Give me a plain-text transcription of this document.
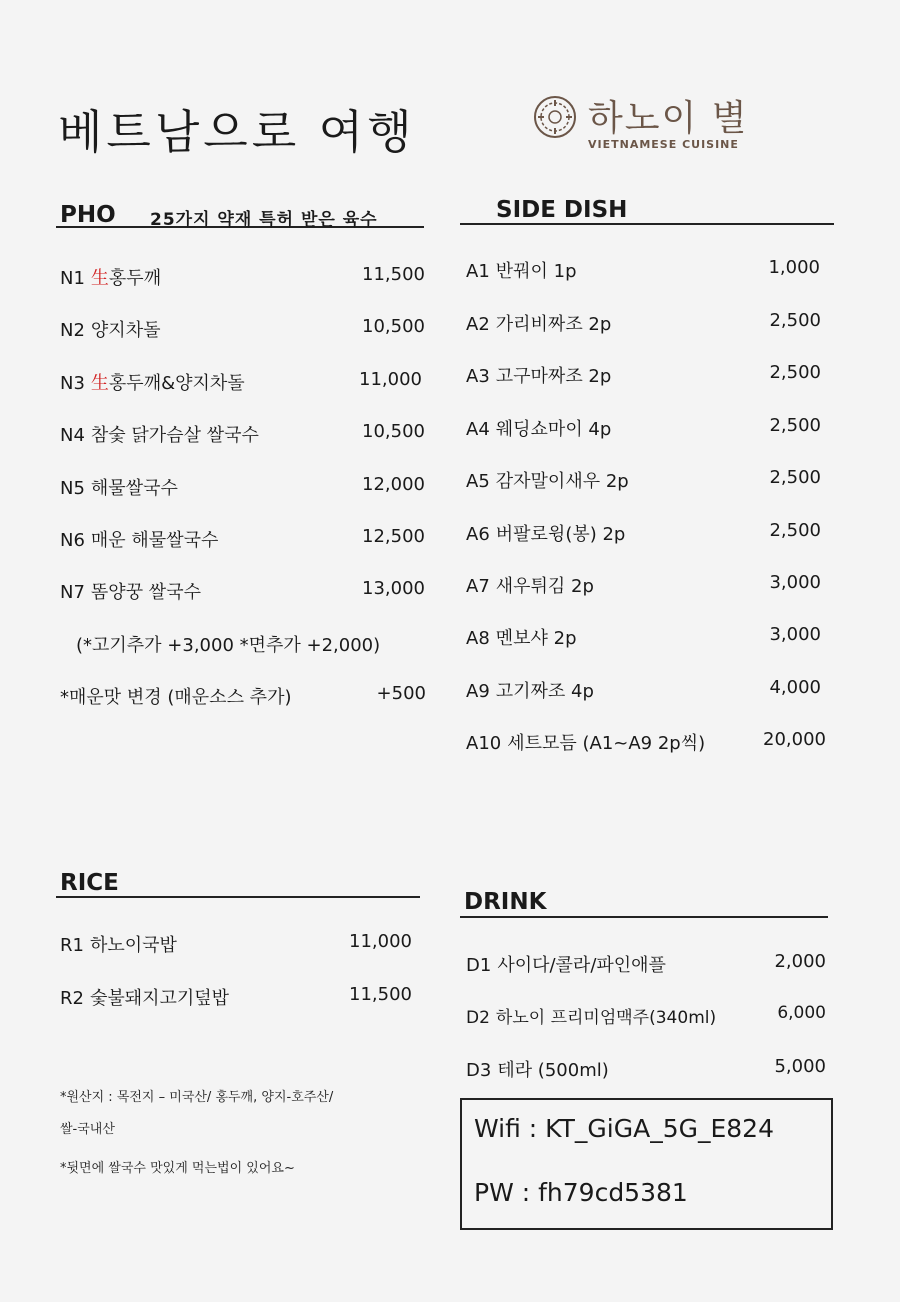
베트남으로 여행	하노이 별
VIETNAMESE CUISINE
PHO 25가지 약재 특허 받은 육수
N1 生홍두깨	11,500
N2 양지차돌	10,500
N3 生홍두깨&양지차돌	11,000
N4 참숯 닭가슴살 쌀국수	10,500
N5 해물쌀국수	12,000
N6 매운 해물쌀국수	12,500
N7 똠양꿍 쌀국수	13,000
(*고기추가 +3,000 *면추가 +2,000)
*매운맛 변경 (매운소스 추가)	+500
SIDE DISH
A1 반꿔이 1p	1,000
A2 가리비짜조 2p	2,500
A3 고구마짜조 2p	2,500
A4 웨딩쇼마이 4p	2,500
A5 감자말이새우 2p	2,500
A6 버팔로윙(봉) 2p	2,500
A7 새우튀김 2p	3,000
A8 멘보샤 2p	3,000
A9 고기짜조 4p	4,000
A10 세트모듬 (A1~A9 2p씩)	20,000
RICE
R1 하노이국밥	11,000
R2 숯불돼지고기덮밥	11,500
DRINK
D1 사이다/콜라/파인애플	2,000
D2 하노이 프리미엄맥주(340ml)	6,000
D3 테라 (500ml)	5,000
*원산지 : 목전지 – 미국산/ 홍두깨, 양지-호주산/
쌀-국내산
*뒷면에 쌀국수 맛있게 먹는법이 있어요~
Wifi : KT_GiGA_5G_E824
PW : fh79cd5381
